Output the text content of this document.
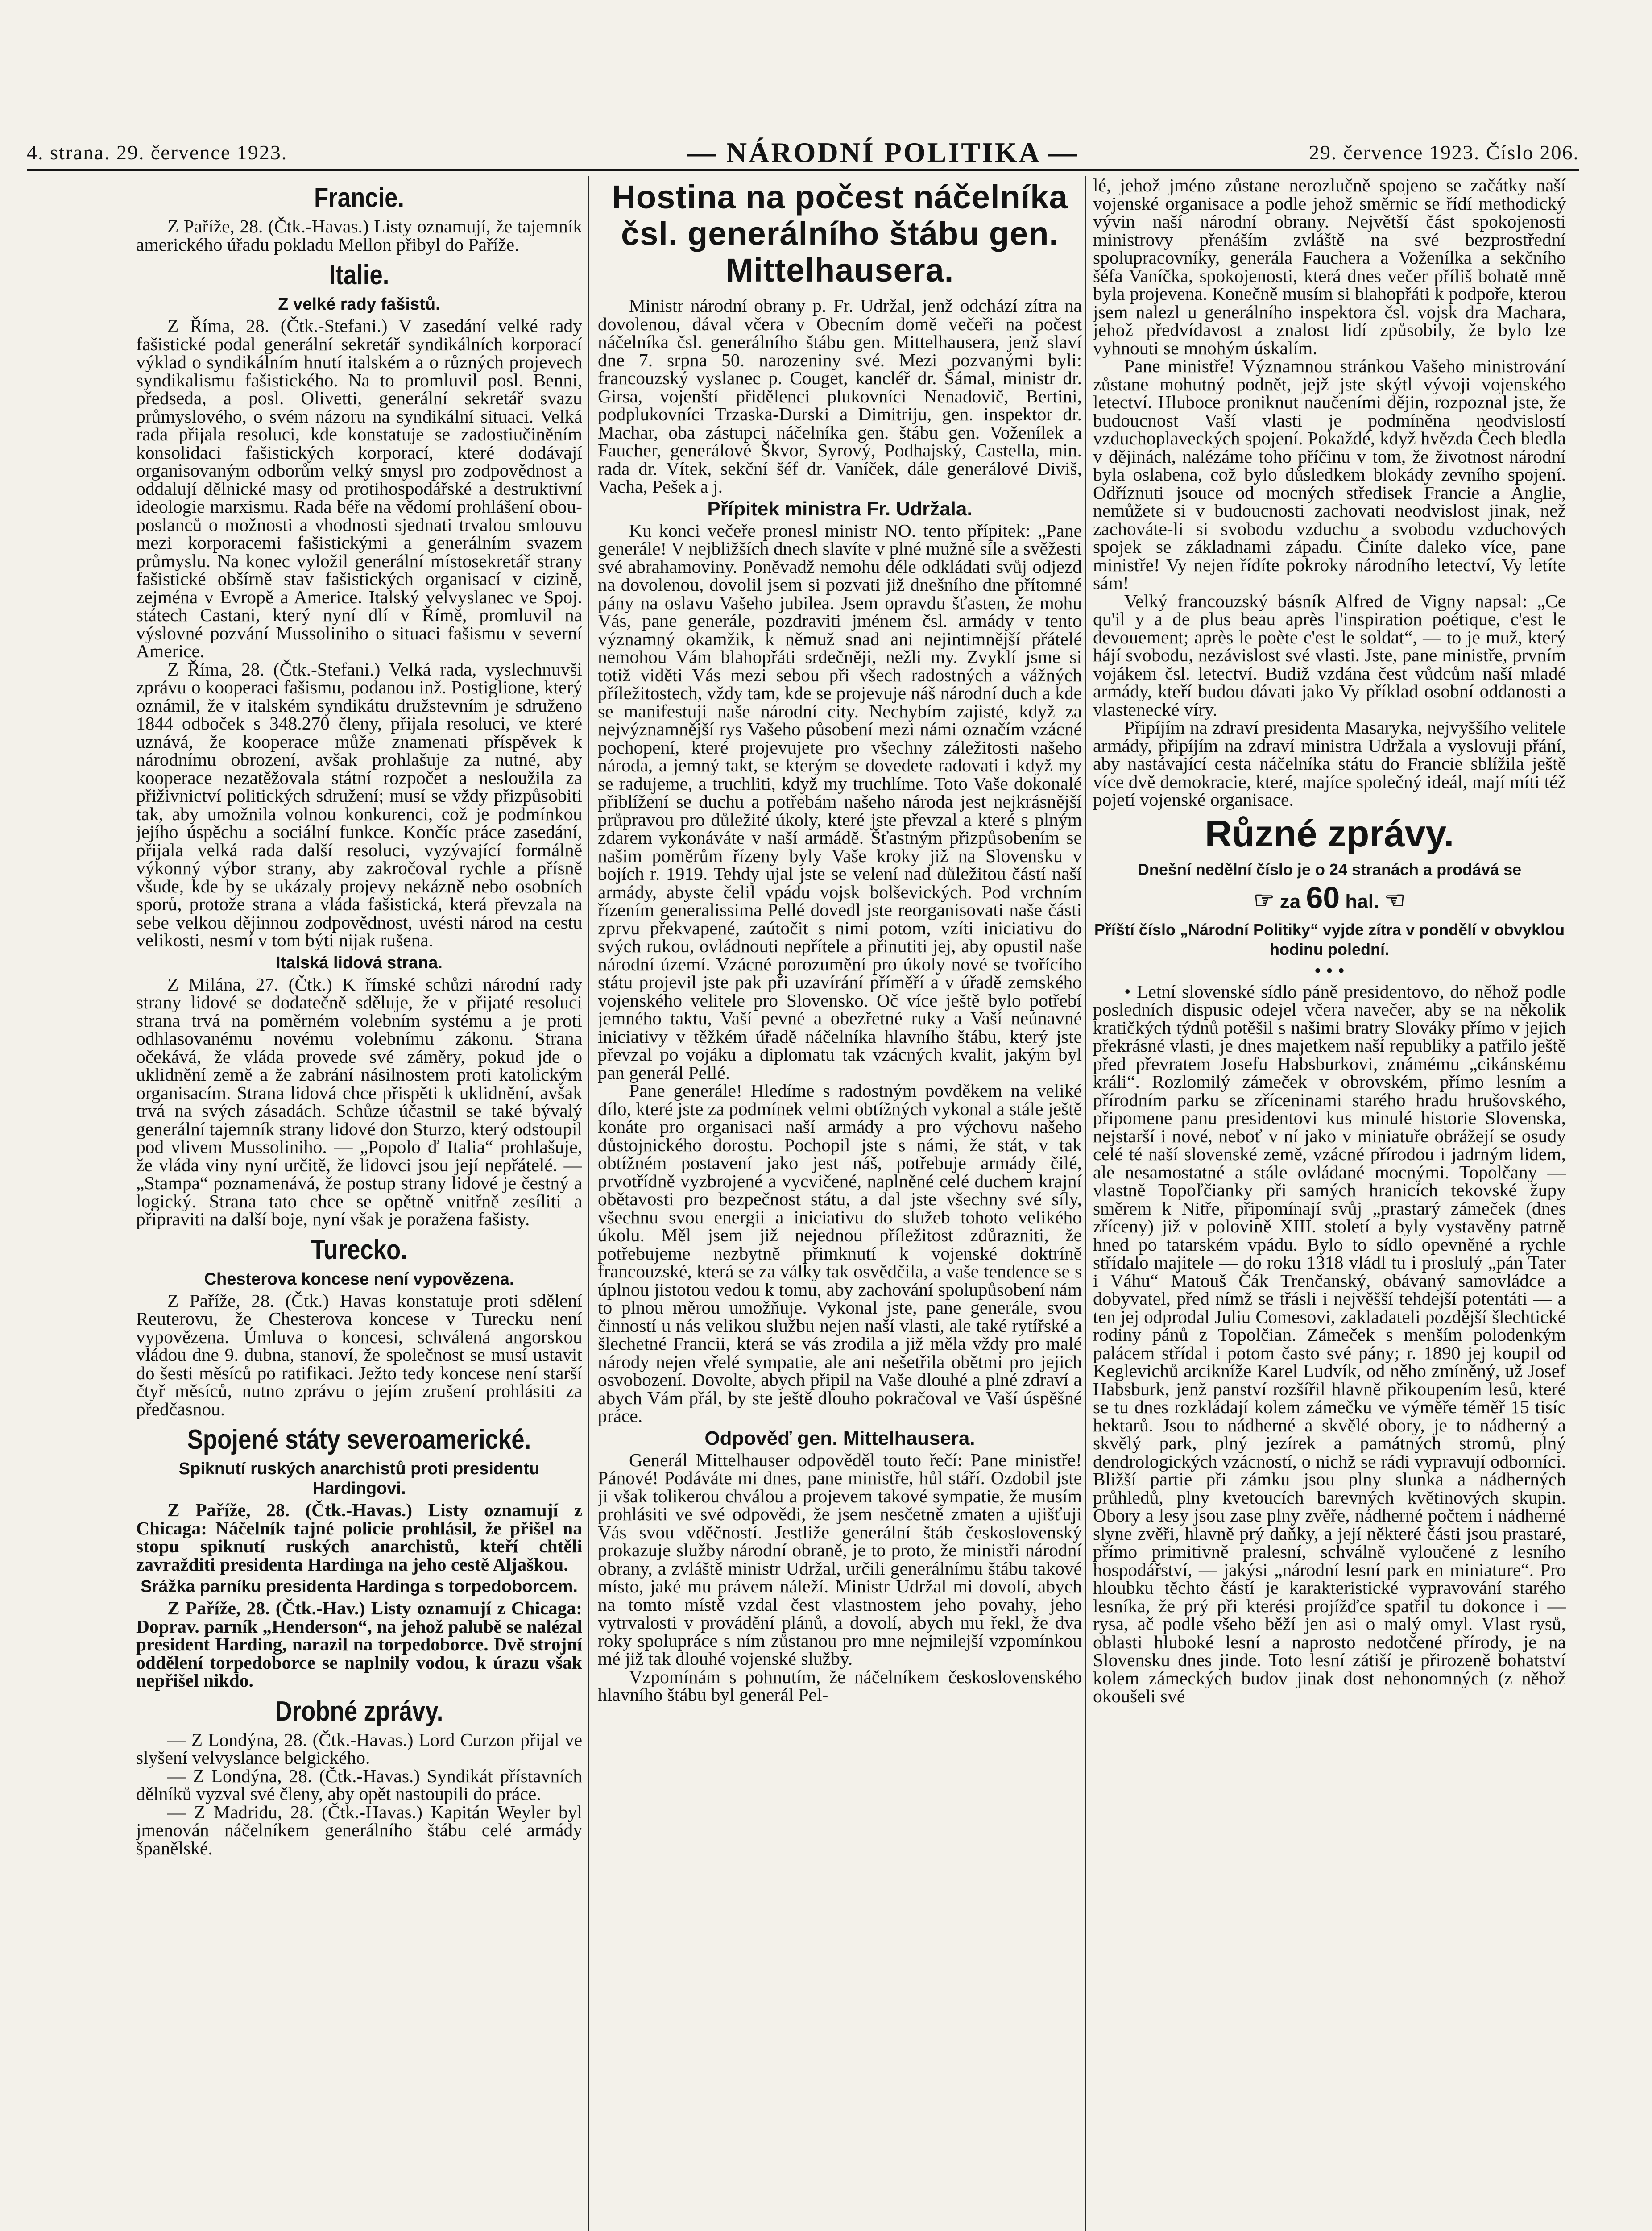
4. strana. 29. července 1923.	— NÁRODNÍ POLITIKA —	29. července 1923. Číslo 206.
Francie.

Z Paříže, 28. (Čtk.-Havas.) Listy oznamují, že tajemník amerického úřadu pokladu Mellon přibyl do Paříže.

Italie.
Z velké rady fašistů.

Z Říma, 28. (Čtk.-Stefani.) V zasedání velké rady fašistické podal generální sekretář syndikálních korporací výklad o syndikálním hnutí italském a o různých projevech syndikalismu fašistického. Na to promluvil posl. Benni, předseda, a posl. Olivetti, generální sekretář svazu průmyslového, o svém názoru na syndikální situaci. Velká rada přijala resoluci, kde konstatuje se zadostiučiněním konsolidaci fašistických korporací, které dodávají organisovaným odborům velký smysl pro zodpovědnost a oddalují dělnické masy od protihospodářské a destruktivní ideologie marxismu. Rada béře na vědomí prohlášení obou-poslanců o možnosti a vhodnosti sjednati trvalou smlouvu mezi korporacemi fašistickými a generálním svazem průmyslu. Na konec vyložil generální místosekretář strany fašistické obšírně stav fašistických organisací v cizině, zejména v Evropě a Americe. Italský velvyslanec ve Spoj. státech Castani, který nyní dlí v Římě, promluvil na výslovné pozvání Mussoliniho o situaci fašismu v severní Americe.

Z Říma, 28. (Čtk.-Stefani.) Velká rada, vyslechnuvši zprávu o kooperaci fašismu, podanou inž. Postiglione, který oznámil, že v italském syndikátu družstevním je sdruženo 1844 odboček s 348.270 členy, přijala resoluci, ve které uznává, že kooperace může znamenati příspěvek k národnímu obrození, avšak prohlašuje za nutné, aby kooperace nezatěžovala státní rozpočet a nesloužila za přiživnictví politických sdružení; musí se vždy přizpůsobiti tak, aby umožnila volnou konkurenci, což je podmínkou jejího úspěchu a sociální funkce. Končíc práce zasedání, přijala velká rada další resoluci, vyzývající formálně výkonný výbor strany, aby zakročoval rychle a přísně všude, kde by se ukázaly projevy nekázně nebo osobních sporů, protože strana a vláda fašistická, která převzala na sebe velkou dějinnou zodpovědnost, uvésti národ na cestu velikosti, nesmí v tom býti nijak rušena.

Italská lidová strana.

Z Milána, 27. (Čtk.) K římské schůzi národní rady strany lidové se dodatečně sděluje, že v přijaté resoluci strana trvá na poměrném volebním systému a je proti odhlasovanému novému volebnímu zákonu. Strana očekává, že vláda provede své záměry, pokud jde o uklidnění země a že zabrání násilnostem proti katolickým organisacím. Strana lidová chce přispěti k uklidnění, avšak trvá na svých zásadách. Schůze účastnil se také bývalý generální tajemník strany lidové don Sturzo, který odstoupil pod vlivem Mussoliniho. — „Popolo ď Italia“ prohlašuje, že vláda viny nyní určitě, že lidovci jsou její nepřátelé. — „Stampa“ poznamenává, že postup strany lidové je čestný a logický. Strana tato chce se opětně vnitřně zesíliti a připraviti na další boje, nyní však je poražena fašisty.

Turecko.
Chesterova koncese není vypovězena.

Z Paříže, 28. (Čtk.) Havas konstatuje proti sdělení Reuterovu, že Chesterova koncese v Turecku není vypovězena. Úmluva o koncesi, schválená angorskou vládou dne 9. dubna, stanoví, že společnost se musí ustavit do šesti měsíců po ratifikaci. Ježto tedy koncese není starší čtyř měsíců, nutno zprávu o jejím zrušení prohlásiti za předčasnou.

Spojené státy severoamerické.
Spiknutí ruských anarchistů proti presidentu Hardingovi.

Z Paříže, 28. (Čtk.-Havas.) Listy oznamují z Chicaga: Náčelník tajné policie prohlásil, že přišel na stopu spiknutí ruských anarchistů, kteří chtěli zavražditi presidenta Hardinga na jeho cestě Aljaškou.

Srážka parníku presidenta Hardinga s torpedoborcem.

Z Paříže, 28. (Čtk.-Hav.) Listy oznamují z Chicaga: Doprav. parník „Henderson“, na jehož palubě se nalézal president Harding, narazil na torpedoborce. Dvě strojní oddělení torpedoborce se naplnily vodou, k úrazu však nepřišel nikdo.

Drobné zprávy.

— Z Londýna, 28. (Čtk.-Havas.) Lord Curzon přijal ve slyšení velvyslance belgického.

— Z Londýna, 28. (Čtk.-Havas.) Syndikát přístavních dělníků vyzval své členy, aby opět nastoupili do práce.

— Z Madridu, 28. (Čtk.-Havas.) Kapitán Weyler byl jmenován náčelníkem generálního štábu celé armády španělské.

Hostina na počest náčelníka čsl. generálního štábu gen. Mittelhausera.

Ministr národní obrany p. Fr. Udržal, jenž odchází zítra na dovolenou, dával včera v Obecním domě večeři na počest náčelníka čsl. generálního štábu gen. Mittelhausera, jenž slaví dne 7. srpna 50. narozeniny své. Mezi pozvanými byli: francouzský vyslanec p. Couget, kancléř dr. Šámal, ministr dr. Girsa, vojenští přidělenci plukovníci Nenadovič, Bertini, podplukovníci Trzaska-Durski a Dimitriju, gen. inspektor dr. Machar, oba zástupci náčelníka gen. štábu gen. Voženílek a Faucher, generálové Škvor, Syrový, Podhajský, Castella, min. rada dr. Vítek, sekční šéf dr. Vaníček, dále generálové Diviš, Vacha, Pešek a j.

Přípitek ministra Fr. Udržala.

Ku konci večeře pronesl ministr NO. tento přípitek: „Pane generále! V nejbližších dnech slavíte v plné mužné síle a svěžesti své abrahamoviny. Poněvadž nemohu déle odkládati svůj odjezd na dovolenou, dovolil jsem si pozvati již dnešního dne přítomné pány na oslavu Vašeho jubilea. Jsem opravdu šťasten, že mohu Vás, pane generále, pozdraviti jménem čsl. armády v tento významný okamžik, k němuž snad ani nejintimnější přátelé nemohou Vám blahopřáti srdečněji, nežli my. Zvyklí jsme si totiž viděti Vás mezi sebou při všech radostných a vážných příležitostech, vždy tam, kde se projevuje náš národní duch a kde se manifestuji naše národní city. Nechybím zajisté, když za nejvýznamnější rys Vašeho působení mezi námi označím vzácné pochopení, které projevujete pro všechny záležitosti našeho národa, a jemný takt, se kterým se dovedete radovati i když my se radujeme, a truchliti, když my truchlíme. Toto Vaše dokonalé přiblížení se duchu a potřebám našeho národa jest nejkrásnější průpravou pro důležité úkoly, které jste převzal a které s plným zdarem vykonáváte v naší armádě. Šťastným přizpůsobením se našim poměrům řízeny byly Vaše kroky již na Slovensku v bojích r. 1919. Tehdy ujal jste se velení nad důležitou částí naší armády, abyste čelil vpádu vojsk bolševických. Pod vrchním řízením generalissima Pellé dovedl jste reorganisovati naše části zprvu překvapené, zaútočit s nimi potom, vzíti iniciativu do svých rukou, ovládnouti nepřítele a přinutiti jej, aby opustil naše národní území. Vzácné porozumění pro úkoly nové se tvořícího státu projevil jste pak při uzavírání příměří a v úřadě zemského vojenského velitele pro Slovensko. Oč více ještě bylo potřebí jemného taktu, Vaší pevné a obezřetné ruky a Vaší neúnavné iniciativy v těžkém úřadě náčelníka hlavního štábu, který jste převzal po vojáku a diplomatu tak vzácných kvalit, jakým byl pan generál Pellé.

Pane generále! Hledíme s radostným povděkem na veliké dílo, které jste za podmínek velmi obtížných vykonal a stále ještě konáte pro organisaci naší armády a pro výchovu našeho důstojnického dorostu. Pochopil jste s námi, že stát, v tak obtížném postavení jako jest náš, potřebuje armády čilé, prvotřídně vyzbrojené a vycvičené, naplněné celé duchem krajní obětavosti pro bezpečnost státu, a dal jste všechny své síly, všechnu svou energii a iniciativu do služeb tohoto velikého úkolu. Měl jsem již nejednou příležitost zdůrazniti, že potřebujeme nezbytně přimknutí k vojenské doktríně francouzské, která se za války tak osvědčila, a vaše tendence se s úplnou jistotou vedou k tomu, aby zachování spolupůsobení nám to plnou měrou umožňuje. Vykonal jste, pane generále, svou činností u nás velikou službu nejen naší vlasti, ale také rytířské a šlechetné Francii, která se vás zrodila a již měla vždy pro malé národy nejen vřelé sympatie, ale ani nešetřila obětmi pro jejich osvobození. Dovolte, abych připil na Vaše dlouhé a plné zdraví a abych Vám přál, by ste ještě dlouho pokračoval ve Vaší úspěšné práce.

Odpověď gen. Mittelhausera.

Generál Mittelhauser odpověděl touto řečí: Pane ministře! Pánové! Podáváte mi dnes, pane ministře, hůl stáří. Ozdobil jste ji však tolikerou chválou a projevem takové sympatie, že musím prohlásiti ve své odpovědi, že jsem nesčetně zmaten a ujišťuji Vás svou vděčností. Jestliže generální štáb československý prokazuje služby národní obraně, je to proto, že ministři národní obrany, a zvláště ministr Udržal, určili generálnímu štábu takové místo, jaké mu právem náleží. Ministr Udržal mi dovolí, abych na tomto místě vzdal čest vlastnostem jeho povahy, jeho vytrvalosti v provádění plánů, a dovolí, abych mu řekl, že dva roky spolupráce s ním zůstanou pro mne nejmilejší vzpomínkou mé již tak dlouhé vojenské služby.

Vzpomínám s pohnutím, že náčelníkem československého hlavního štábu byl generál Pel-

lé, jehož jméno zůstane nerozlučně spojeno se začátky naší vojenské organisace a podle jehož směrnic se řídí methodický vývin naší národní obrany. Největší část spokojenosti ministrovy přenáším zvláště na své bezprostřední spolupracovníky, generála Fauchera a Voženílka a sekčního šéfa Vaníčka, spokojenosti, která dnes večer příliš bohatě mně byla projevena. Konečně musím si blahopřáti k podpoře, kterou jsem nalezl u generálního inspektora čsl. vojsk dra Machara, jehož předvídavost a znalost lidí způsobily, že bylo lze vyhnouti se mnohým úskalím.

Pane ministře! Významnou stránkou Vašeho ministrování zůstane mohutný podnět, jejž jste skýtl vývoji vojenského letectví. Hluboce proniknut naučeními dějin, rozpoznal jste, že budoucnost Vaší vlasti je podmíněna neodvislostí vzduchoplaveckých spojení. Pokaždé, když hvězda Čech bledla v dějinách, nalézáme toho příčinu v tom, že životnost národní byla oslabena, což bylo důsledkem blokády zevního spojení. Odříznuti jsouce od mocných středisek Francie a Anglie, nemůžete si v budoucnosti zachovati neodvislost jinak, než zachováte-li si svobodu vzduchu a svobodu vzduchových spojek se základnami západu. Činíte daleko více, pane ministře! Vy nejen řídíte pokroky národního letectví, Vy letíte sám!

Velký francouzský básník Alfred de Vigny napsal: „Ce qu'il y a de plus beau après l'inspiration poétique, c'est le devouement; après le poète c'est le soldat“, — to je muž, který hájí svobodu, nezávislost své vlasti. Jste, pane ministře, prvním vojákem čsl. letectví. Budiž vzdána čest vůdcům naší mladé armády, kteří budou dávati jako Vy příklad osobní oddanosti a vlastenecké víry.

Připíjím na zdraví presidenta Masaryka, nejvyššího velitele armády, připíjím na zdraví ministra Udržala a vyslovuji přání, aby nastávající cesta náčelníka státu do Francie sblížila ještě více dvě demokracie, které, majíce společný ideál, mají míti též pojetí vojenské organisace.

Různé zprávy.
Dnešní nedělní číslo je o 24 stranách a prodává se
☞ za 60 hal. ☜
Příští číslo „Národní Politiky“ vyjde zítra v pondělí v obvyklou hodinu polední.
• • •

• Letní slovenské sídlo páně presidentovo, do něhož podle posledních dispusic odejel včera navečer, aby se na několik kratičkých týdnů potěšil s našimi bratry Slováky přímo v jejich překrásné vlasti, je dnes majetkem naší republiky a patřilo ještě před převratem Josefu Habsburkovi, známému „cikánskému králi“. Rozlomilý zámeček v obrovském, přímo lesním a přírodním parku se zříceninami starého hradu hrušovského, připomene panu presidentovi kus minulé historie Slovenska, nejstarší i nové, neboť v ní jako v miniatuře obrážejí se osudy celé té naší slovenské země, vzácné přírodou i jadrným lidem, ale nesamostatné a stále ovládané mocnými. Topolčany — vlastně Topoľčianky při samých hranicích tekovské župy směrem k Nitře, připomínají svůj „prastarý zámeček (dnes zříceny) již v polovině XIII. století a byly vystavěny patrně hned po tatarském vpádu. Bylo to sídlo opevněné a rychle střídalo majitele — do roku 1318 vládl tu i proslulý „pán Tater i Váhu“ Matouš Čák Trenčanský, obávaný samovládce a dobyvatel, před nímž se třásli i nejvěšší tehdejší potentáti — a ten jej odprodal Juliu Comesovi, zakladateli pozdější šlechtické rodiny pánů z Topolčian. Zámeček s menším polodenkým palácem střídal i potom často své pány; r. 1890 jej koupil od Keglevichů arcikníže Karel Ludvík, od něho zmíněný, už Josef Habsburk, jenž panství rozšířil hlavně přikoupením lesů, které se tu dnes rozkládají kolem zámečku ve výměře téměř 15 tisíc hektarů. Jsou to nádherné a skvělé obory, je to nádherný a skvělý park, plný jezírek a památných stromů, plný dendrologických vzácností, o nichž se rádi vypravují odborníci. Bližší partie při zámku jsou plny slunka a nádherných průhledů, plny kvetoucích barevných květinových skupin. Obory a lesy jsou zase plny zvěře, nádherné počtem i nádherné slyne zvěři, hlavně prý daňky, a její některé části jsou prastaré, přímo primitivně pralesní, schválně vyloučené z lesního hospodářství, — jakýsi „národní lesní park en miniature“. Pro hloubku těchto částí je karakteristické vypravování starého lesníka, že prý při kterési projížďce spatřil tu dokonce i — rysa, ač podle všeho běží jen asi o malý omyl. Vlast rysů, oblasti hluboké lesní a naprosto nedotčené přírody, je na Slovensku dnes jinde. Toto lesní zátiší je přirozeně bohatství kolem zámeckých budov jinak dost nehonomných (z něhož okoušeli své
